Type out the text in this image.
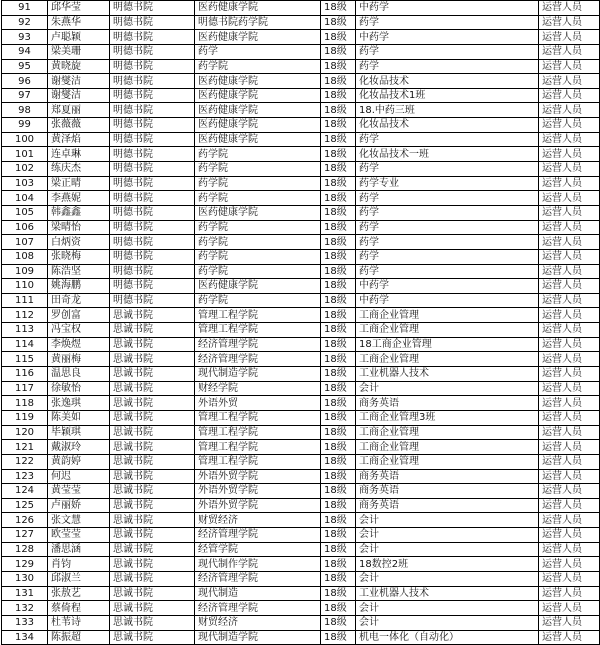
91	邱华莹	明德书院	医药健康学院	18级	中药学	运营人员
92	朱燕华	明德书院	明德书院药学院	18级	药学	运营人员
93	卢聪颖	明德书院	医药健康学院	18级	中药学	运营人员
94	梁美珊	明德书院	药学	18级	药学	运营人员
95	黄晓旋	明德书院	药学院	18级	药学	运营人员
96	谢燮洁	明德书院	医药健康学院	18级	化妆品技术	运营人员
97	谢燮洁	明德书院	医药健康学院	18级	化妆品技术1班	运营人员
98	郑夏丽	明德书院	医药健康学院	18级	18.中药三班	运营人员
99	张薇薇	明德书院	医药健康学院	18级	化妆品技术	运营人员
100	黄泽焰	明德书院	医药健康学院	18级	药学	运营人员
101	连卓琳	明德书院	药学院	18级	化妆品技术一班	运营人员
102	练庆杰	明德书院	药学院	18级	药学	运营人员
103	梁正晴	明德书院	药学院	18级	药学专业	运营人员
104	李燕妮	明德书院	药学院	18级	药学	运营人员
105	韩鑫鑫	明德书院	医药健康学院	18级	药学	运营人员
106	梁晴怡	明德书院	药学院	18级	药学	运营人员
107	白炳资	明德书院	药学院	18级	药学	运营人员
108	张晓梅	明德书院	药学院	18级	药学	运营人员
109	陈浩坚	明德书院	药学院	18级	药学	运营人员
110	姚海鹏	明德书院	医药健康学院	18级	中药学	运营人员
111	田奇龙	明德书院	药学院	18级	中药学	运营人员
112	罗创富	思诚书院	管理工程学院	18级	工商企业管理	运营人员
113	冯宝权	思诚书院	管理工程学院	18级	工商企业管理	运营人员
114	李焕煜	思诚书院	经济管理学院	18级	18工商企业管理	运营人员
115	黄丽梅	思诚书院	经济管理学院	18级	工商企业管理	运营人员
116	温思良	思诚书院	现代制造学院	18级	工业机器人技术	运营人员
117	徐敏怡	思诚书院	财经学院	18级	会计	运营人员
118	张逸琪	思诚书院	外语外贸	18级	商务英语	运营人员
119	陈美如	思诚书院	管理工程学院	18级	工商企业管理3班	运营人员
120	毕颖琪	思诚书院	管理工程学院	18级	工商企业管理	运营人员
121	戴淑玲	思诚书院	管理工程学院	18级	工商企业管理	运营人员
122	黄韵婷	思诚书院	管理工程学院	18级	工商企业管理	运营人员
123	何迟	思诚书院	外语外贸学院	18级	商务英语	运营人员
124	黄莹莹	思诚书院	外语外贸学院	18级	商务英语	运营人员
125	卢丽娇	思诚书院	外语外贸学院	18级	商务英语	运营人员
126	张文慧	思诚书院	财贸经济	18级	会计	运营人员
127	欧莹莹	思诚书院	经济管理学院	18级	会计	运营人员
128	潘思涵	思诚书院	经管学院	18级	会计	运营人员
129	肖钧	思诚书院	现代制作学院	18级	18数控2班	运营人员
130	邱淑兰	思诚书院	经济管理学院	18级	会计	运营人员
131	张敖艺	思诚书院	现代制造	18级	工业机器人技术	运营人员
132	蔡倚程	思诚书院	经济管理学院	18级	会计	运营人员
133	杜苇诗	思诚书院	财贸经济	18级	会计	运营人员
134	陈振超	思诚书院	现代制造学院	18级	机电一体化（自动化）	运营人员
